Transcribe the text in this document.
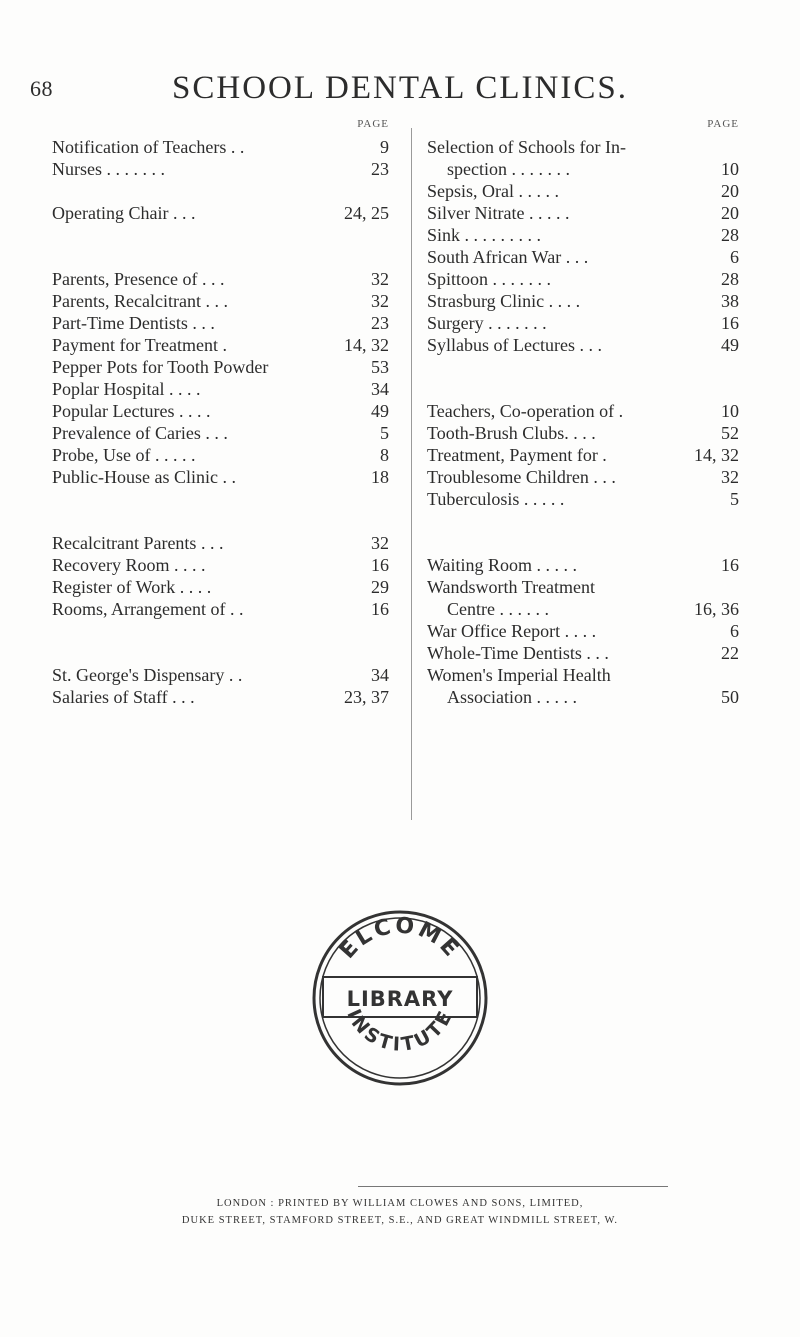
68	SCHOOL DENTAL CLINICS.
PAGE
Notification of Teachers . .	9
Nurses . . . . . . .	23
Operating Chair . . .	24, 25
Parents, Presence of . . .	32
Parents, Recalcitrant . . .	32
Part-Time Dentists . . .	23
Payment for Treatment .	14, 32
Pepper Pots for Tooth Powder	53
Poplar Hospital . . . .	34
Popular Lectures . . . .	49
Prevalence of Caries . . .	5
Probe, Use of . . . . .	8
Public-House as Clinic . .	18
Recalcitrant Parents . . .	32
Recovery Room . . . .	16
Register of Work . . . .	29
Rooms, Arrangement of . .	16
St. George's Dispensary . .	34
Salaries of Staff . . .	23, 37
PAGE
Selection of Schools for In-
spection . . . . . . .	10
Sepsis, Oral . . . . .	20
Silver Nitrate . . . . .	20
Sink . . . . . . . . .	28
South African War . . .	6
Spittoon . . . . . . .	28
Strasburg Clinic . . . .	38
Surgery . . . . . . .	16
Syllabus of Lectures . . .	49
Teachers, Co-operation of .	10
Tooth-Brush Clubs. . . .	52
Treatment, Payment for .	14, 32
Troublesome Children . . .	32
Tuberculosis . . . . .	5
Waiting Room . . . . .	16
Wandsworth Treatment
Centre . . . . . .	16, 36
War Office Report . . . .	6
Whole-Time Dentists . . .	22
Women's Imperial Health
Association . . . . .	50
ELCOME
LIBRARY
INSTITUTE
LONDON : PRINTED BY WILLIAM CLOWES AND SONS, LIMITED,
DUKE STREET, STAMFORD STREET, S.E., AND GREAT WINDMILL STREET, W.
